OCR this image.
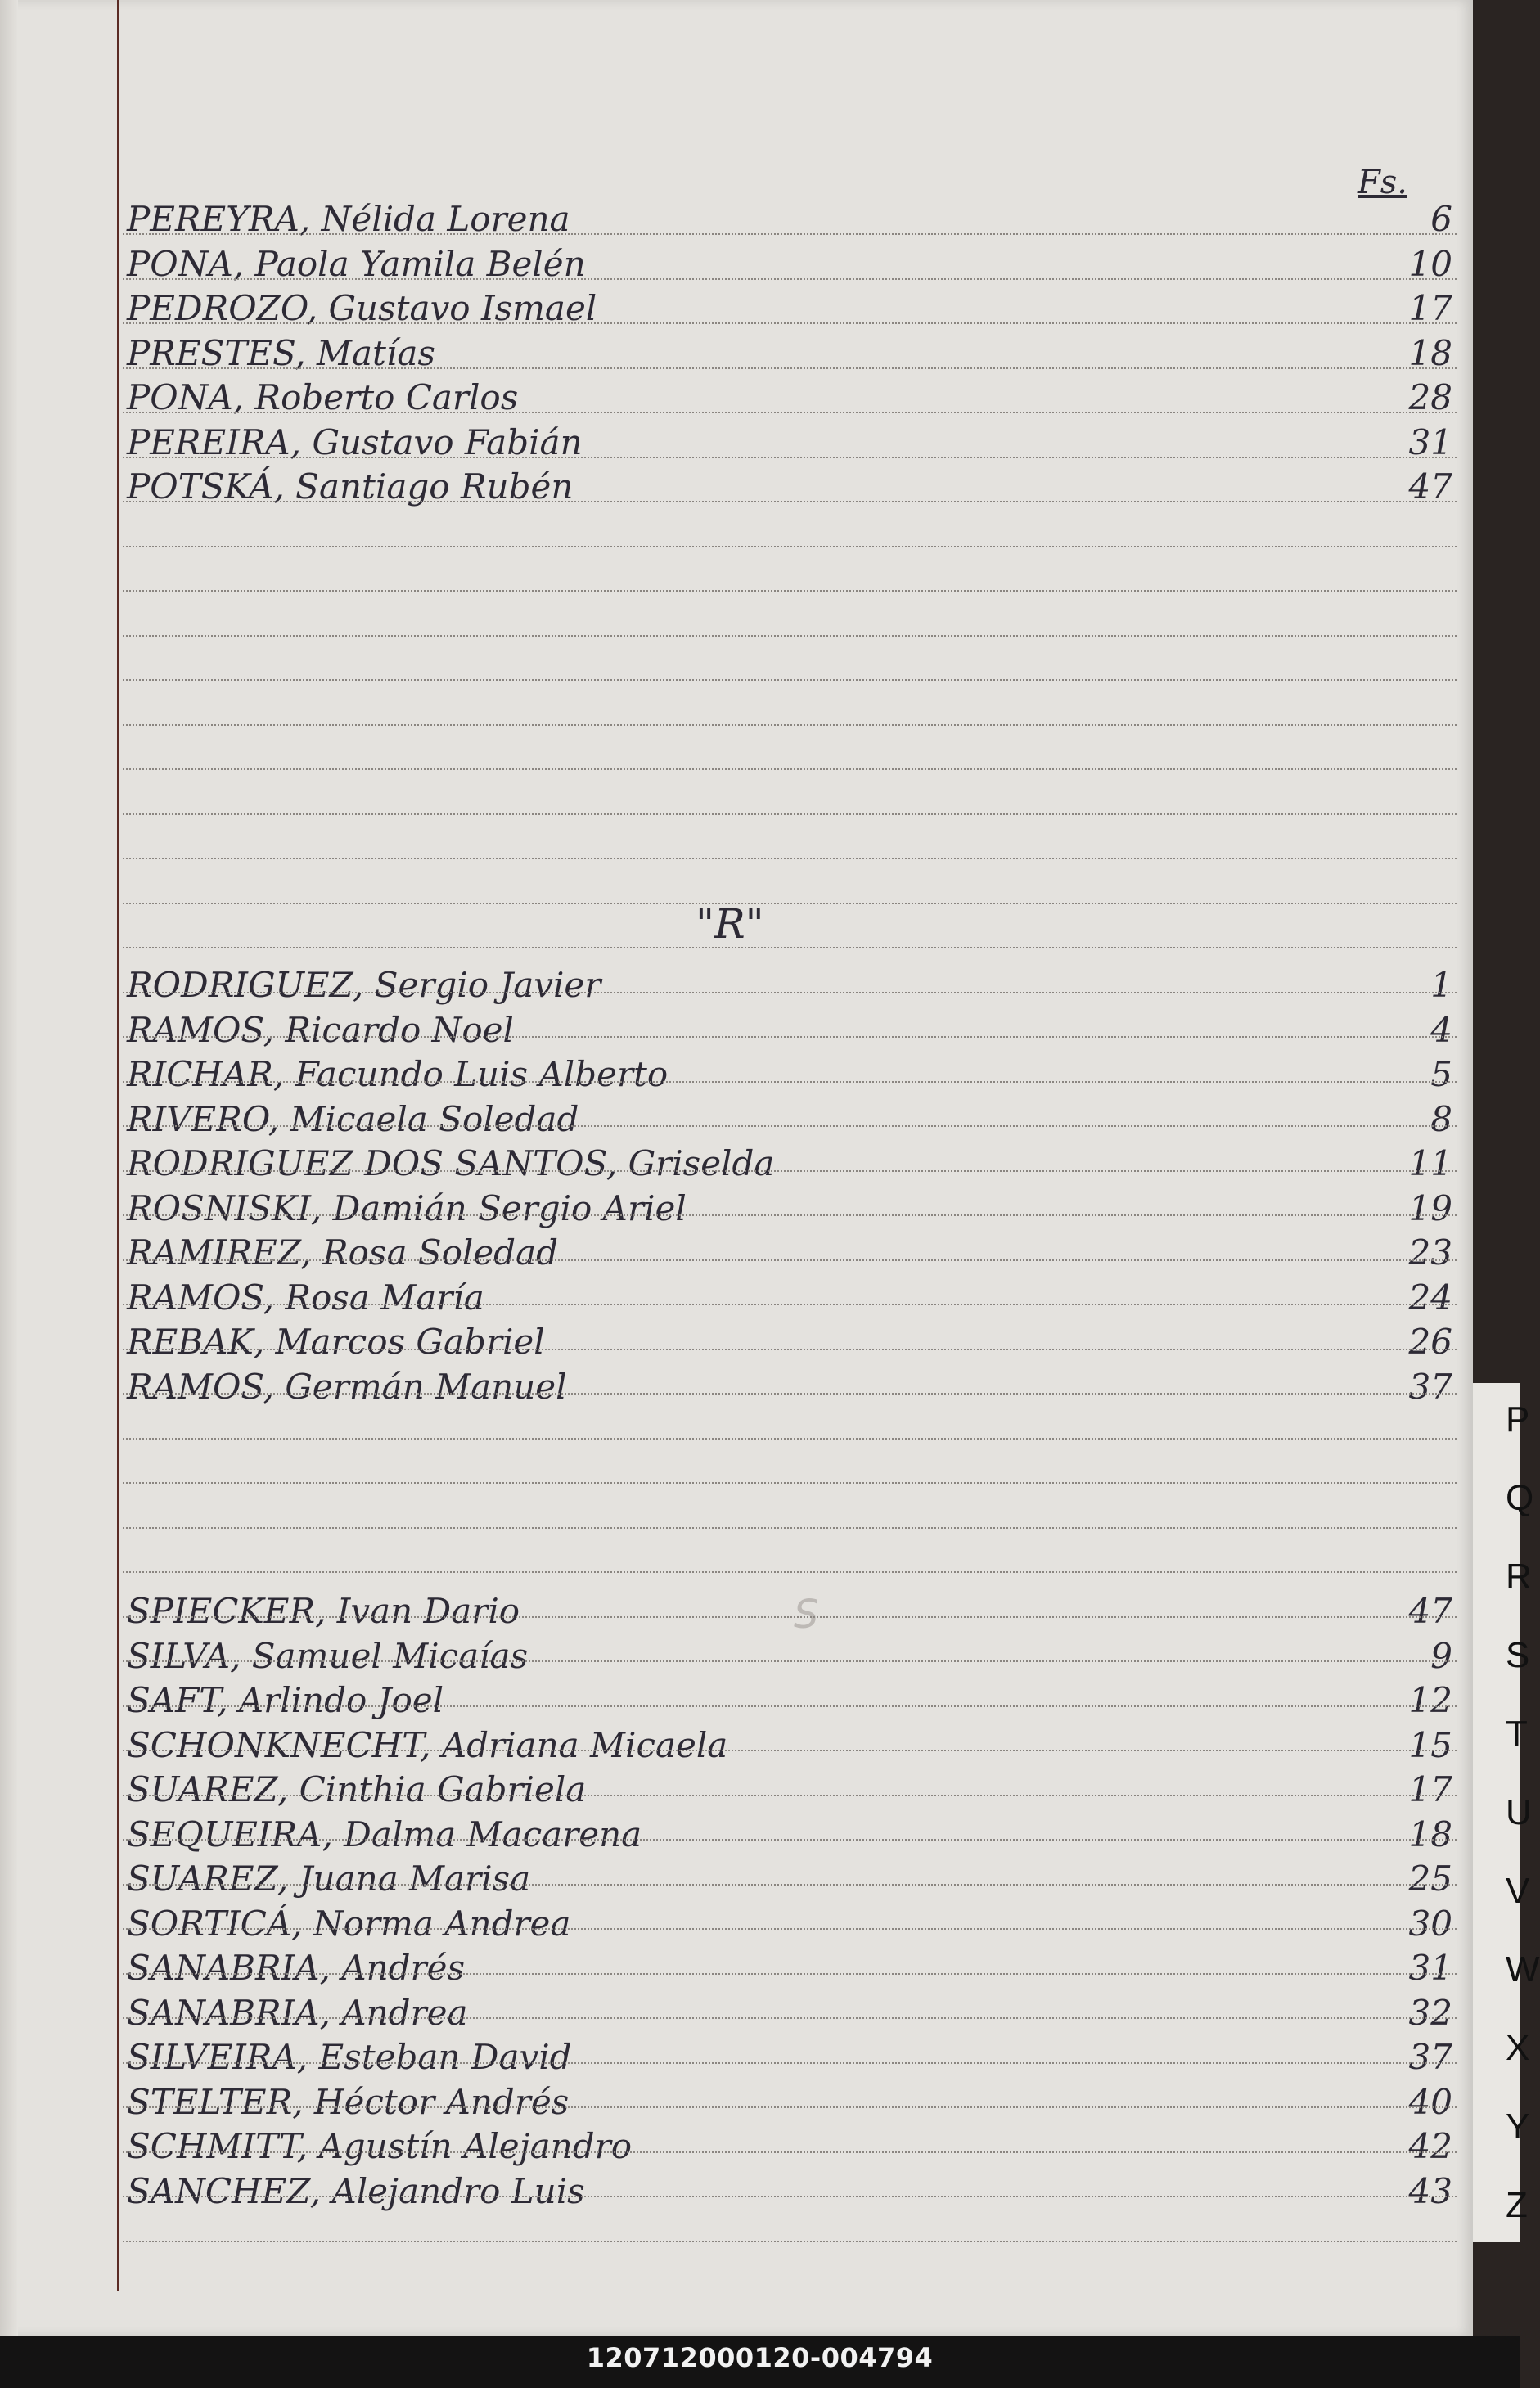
Fs.
PEREYRA, Nélida Lorena	6
PONA, Paola Yamila Belén	10
PEDROZO, Gustavo Ismael	17
PRESTES, Matías	18
PONA, Roberto Carlos	28
PEREIRA, Gustavo Fabián	31
POTSKÁ, Santiago Rubén	47
"R"
RODRIGUEZ, Sergio Javier	1
RAMOS, Ricardo Noel	4
RICHAR, Facundo Luis Alberto	5
RIVERO, Micaela Soledad	8
RODRIGUEZ DOS SANTOS, Griselda	11
ROSNISKI, Damián Sergio Ariel	19
RAMIREZ, Rosa Soledad	23
RAMOS, Rosa María	24
REBAK, Marcos Gabriel	26
RAMOS, Germán Manuel	37
S
SPIECKER, Ivan Dario	47
SILVA, Samuel Micaías	9
SAFT, Arlindo Joel	12
SCHONKNECHT, Adriana Micaela	15
SUAREZ, Cinthia Gabriela	17
SEQUEIRA, Dalma Macarena	18
SUAREZ, Juana Marisa	25
SORTICÁ, Norma Andrea	30
SANABRIA, Andrés	31
SANABRIA, Andrea	32
SILVEIRA, Esteban David	37
STELTER, Héctor Andrés	40
SCHMITT, Agustín Alejandro	42
SANCHEZ, Alejandro Luis	43
P
Q
R
S
T
U
V
W
X
Y
Z
120712000120-004794
